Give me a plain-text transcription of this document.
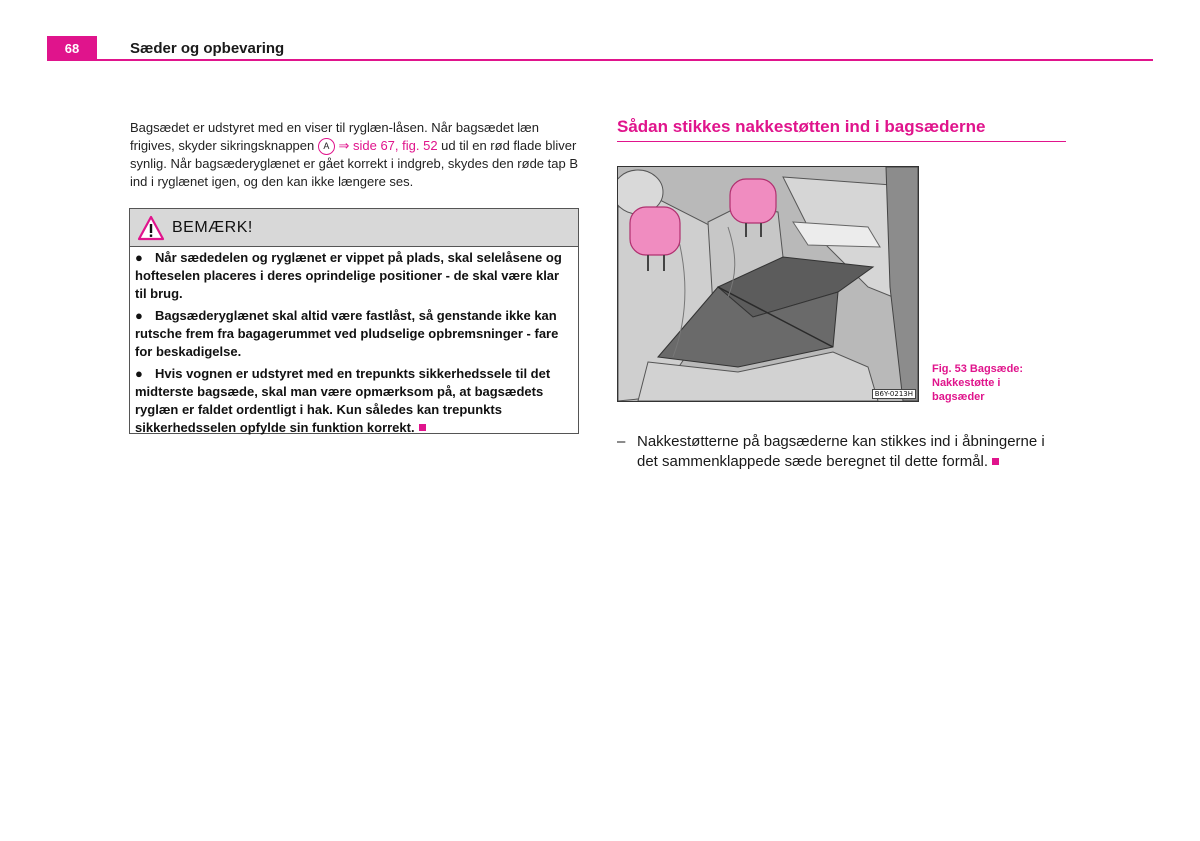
68	Sæder og opbevaring
Bagsædet er udstyret med en viser til ryglæn-låsen. Når bagsædet læn frigives, skyder sikringsknappen A ⇒ side 67, fig. 52 ud til en rød flade bliver synlig. Når bagsæderyglænet er gået korrekt i indgreb, skydes den røde tap B ind i ryglænet igen, og den kan ikke længere ses.
BEMÆRK!
● Når sædedelen og ryglænet er vippet på plads, skal selelåsene og hofteselen placeres i deres oprindelige positioner - de skal være klar til brug.
● Bagsæderyglænet skal altid være fastlåst, så genstande ikke kan rutsche frem fra bagagerummet ved pludselige opbremsninger - fare for beskadigelse.
● Hvis vognen er udstyret med en trepunkts sikkerhedssele til det midterste bagsæde, skal man være opmærksom på, at bagsædets ryglæn er faldet ordentligt i hak. Kun således kan trepunkts sikkerhedsselen opfylde sin funktion korrekt.
Sådan stikkes nakkestøtten ind i bagsæderne
B6Y-0213H
Fig. 53 Bagsæde: Nakkestøtte i bagsæder
– Nakkestøtterne på bagsæderne kan stikkes ind i åbningerne i det sammenklappede sæde beregnet til dette formål.
